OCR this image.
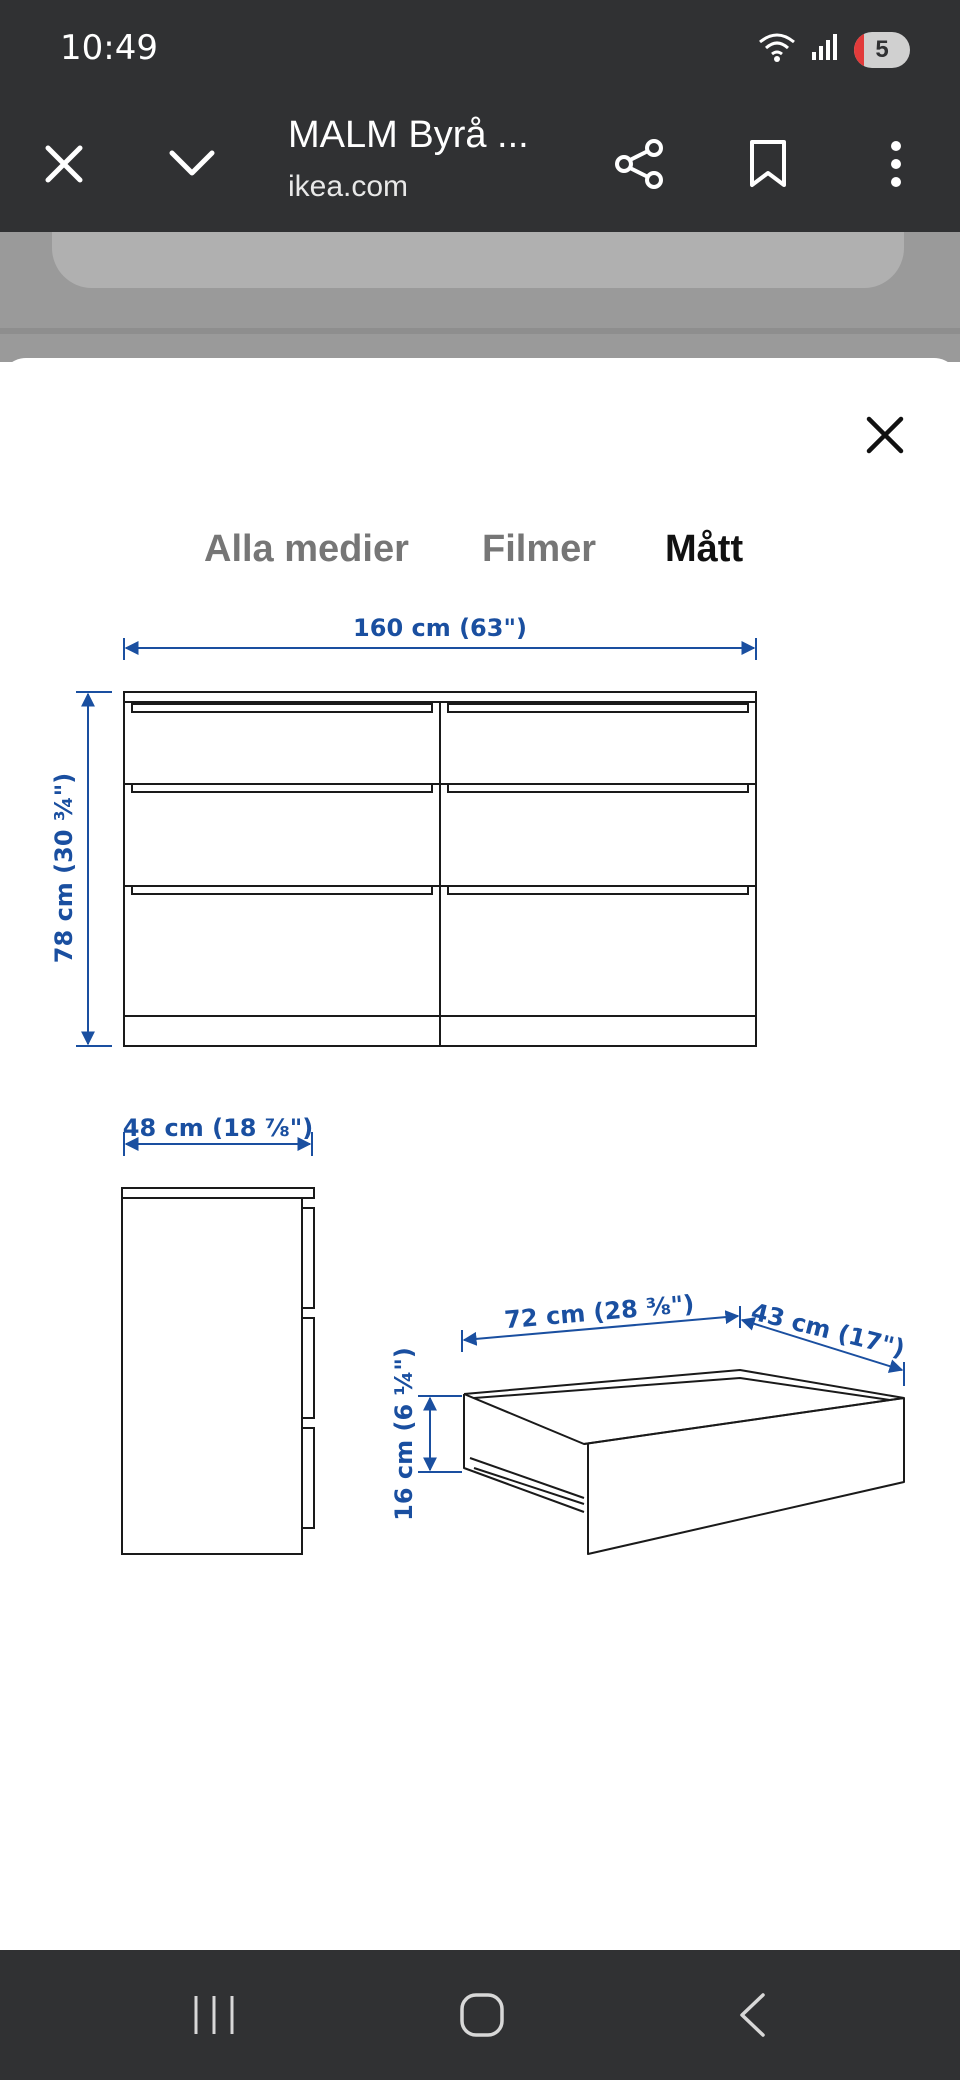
10:49	5
MALM Byrå ...
ikea.com
Alla medier Filmer Mått
160 cm (63")
78 cm (30 ¾")
48 cm (18 ⅞")
72 cm (28 ⅜") 43 cm (17")
16 cm (6 ¼")
